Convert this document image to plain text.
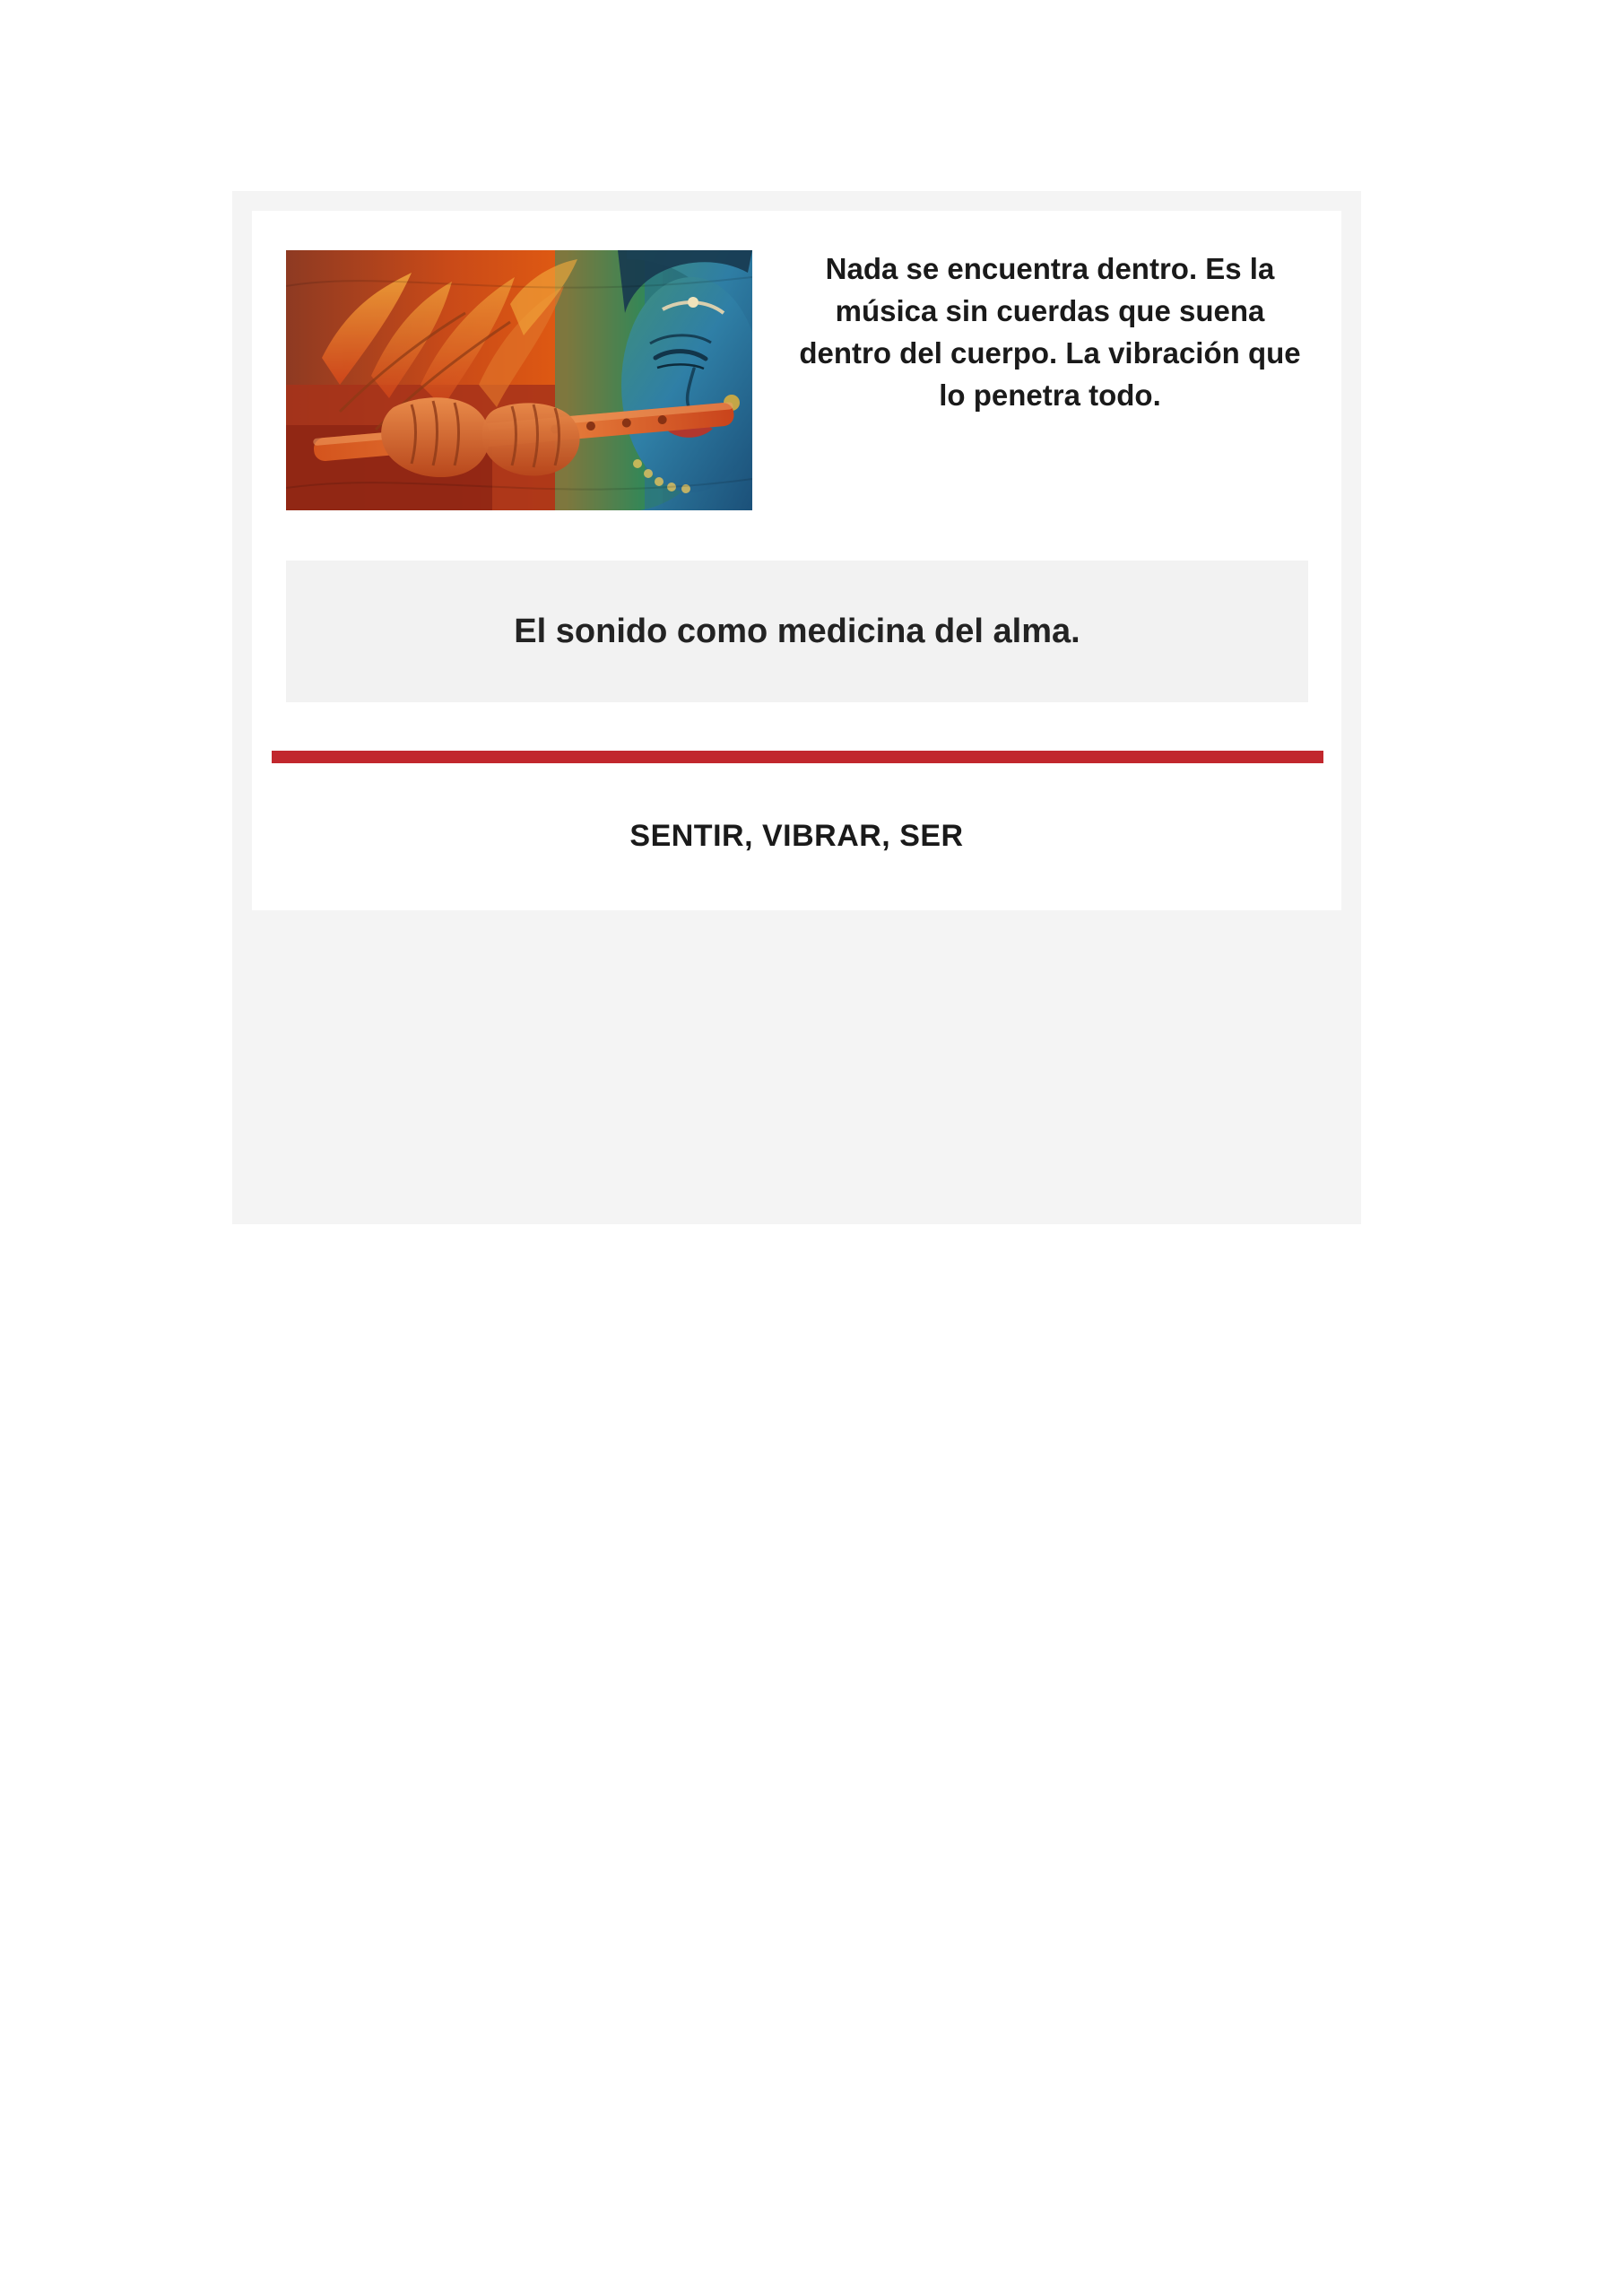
Nada se encuentra dentro. Es la música sin cuerdas que suena dentro del cuerpo. La vibración que lo penetra todo.
El sonido como medicina del alma.
SENTIR, VIBRAR, SER
